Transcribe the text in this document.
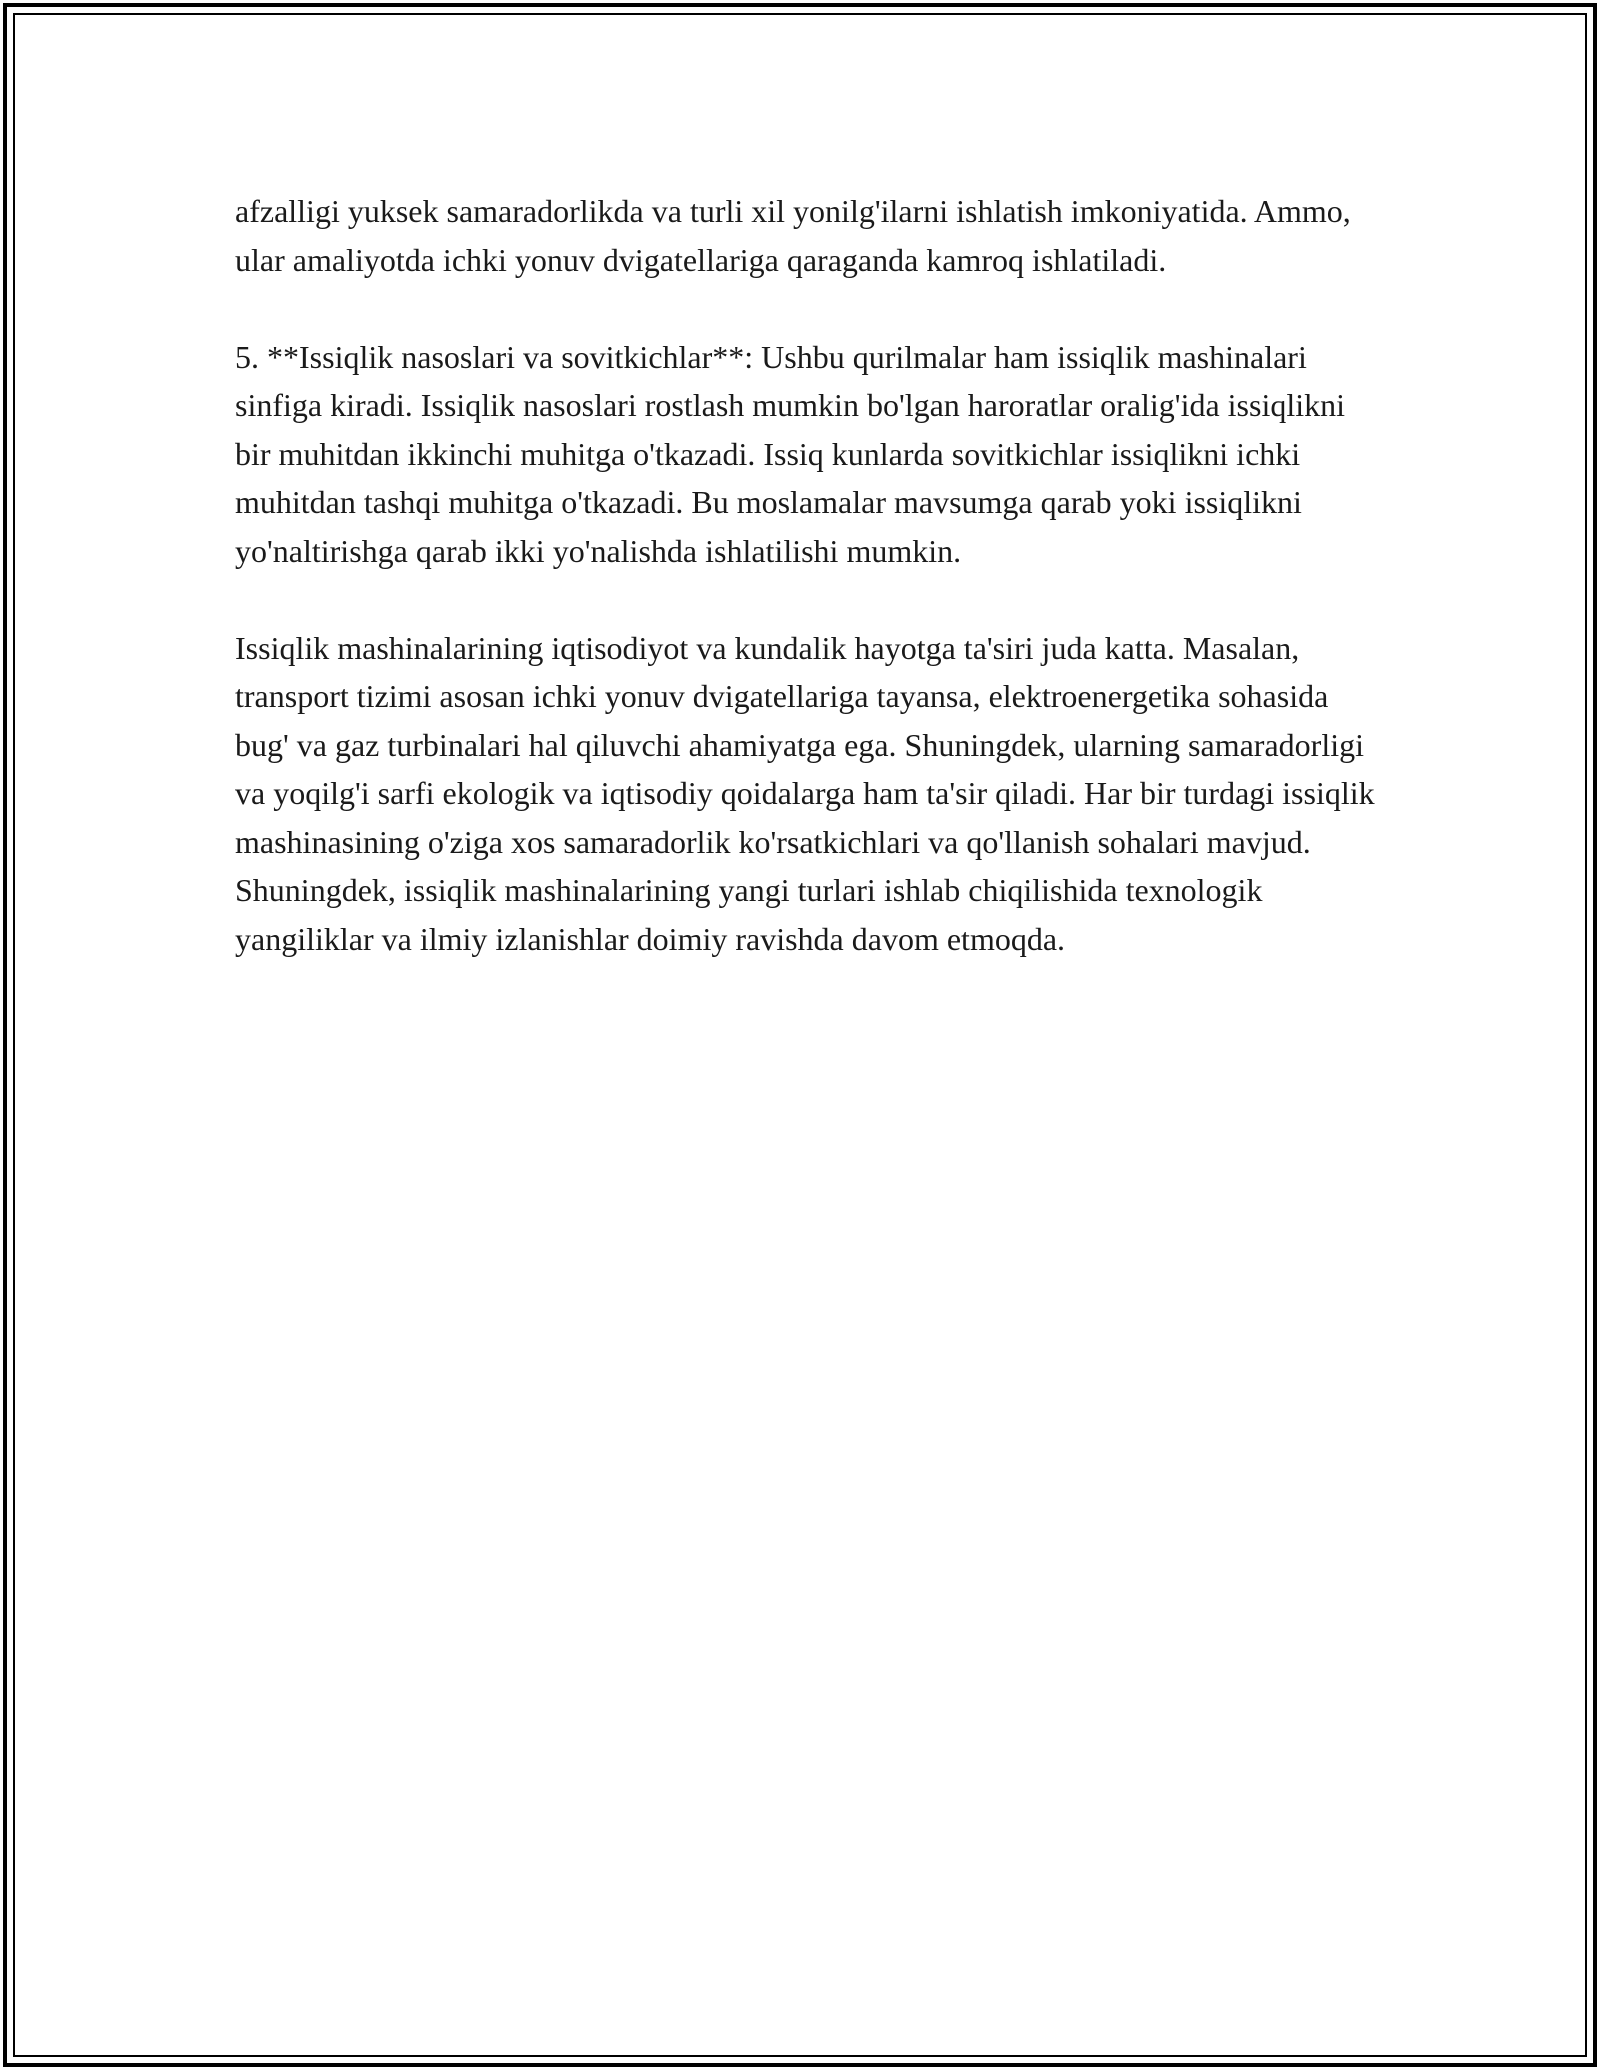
afzalligi yuksek samaradorlikda va turli xil yonilg'ilarni ishlatish imkoniyatida. Ammo, ular amaliyotda ichki yonuv dvigatellariga qaraganda kamroq ishlatiladi.

5. **Issiqlik nasoslari va sovitkichlar**: Ushbu qurilmalar ham issiqlik mashinalari sinfiga kiradi. Issiqlik nasoslari rostlash mumkin bo'lgan haroratlar oralig'ida issiqlikni bir muhitdan ikkinchi muhitga o'tkazadi. Issiq kunlarda sovitkichlar issiqlikni ichki muhitdan tashqi muhitga o'tkazadi. Bu moslamalar mavsumga qarab yoki issiqlikni yo'naltirishga qarab ikki yo'nalishda ishlatilishi mumkin.

Issiqlik mashinalarining iqtisodiyot va kundalik hayotga ta'siri juda katta. Masalan, transport tizimi asosan ichki yonuv dvigatellariga tayansa, elektroenergetika sohasida bug' va gaz turbinalari hal qiluvchi ahamiyatga ega. Shuningdek, ularning samaradorligi va yoqilg'i sarfi ekologik va iqtisodiy qoidalarga ham ta'sir qiladi. Har bir turdagi issiqlik mashinasining o'ziga xos samaradorlik ko'rsatkichlari va qo'llanish sohalari mavjud. Shuningdek, issiqlik mashinalarining yangi turlari ishlab chiqilishida texnologik yangiliklar va ilmiy izlanishlar doimiy ravishda davom etmoqda.
